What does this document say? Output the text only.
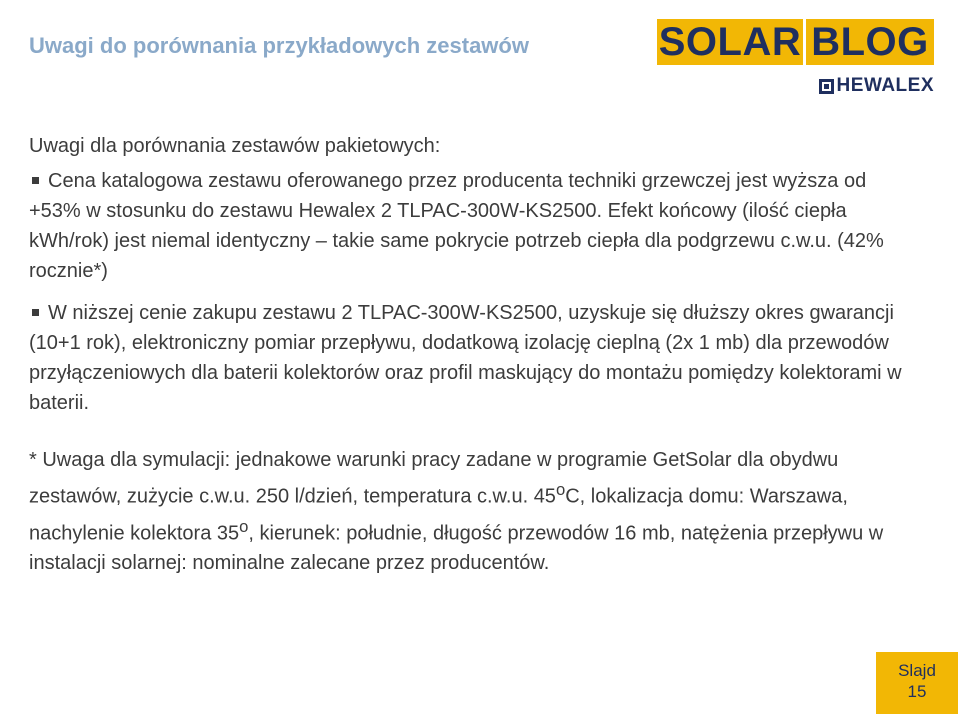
Uwagi do porównania przykładowych zestawów	SOLAR BLOG
HEWALEX

Uwagi dla porównania zestawów pakietowych:

Cena katalogowa zestawu oferowanego przez producenta techniki grzewczej jest wyższa od +53% w stosunku do zestawu Hewalex 2 TLPAC-300W-KS2500. Efekt końcowy (ilość ciepła kWh/rok) jest niemal identyczny – takie same pokrycie potrzeb ciepła dla podgrzewu c.w.u. (42% rocznie*)

W niższej cenie zakupu zestawu 2 TLPAC-300W-KS2500, uzyskuje się dłuższy okres gwarancji (10+1 rok), elektroniczny pomiar przepływu, dodatkową izolację cieplną (2x 1 mb) dla przewodów przyłączeniowych dla baterii kolektorów oraz profil maskujący do montażu pomiędzy kolektorami w baterii.

* Uwaga dla symulacji: jednakowe warunki pracy zadane w programie GetSolar dla obydwu zestawów, zużycie c.w.u. 250 l/dzień, temperatura c.w.u. 45$^o$C, lokalizacja domu: Warszawa, nachylenie kolektora 35$^o$, kierunek: południe, długość przewodów 16 mb, natężenia przepływu w instalacji solarnej: nominalne zalecane przez producentów.

Slajd
15
